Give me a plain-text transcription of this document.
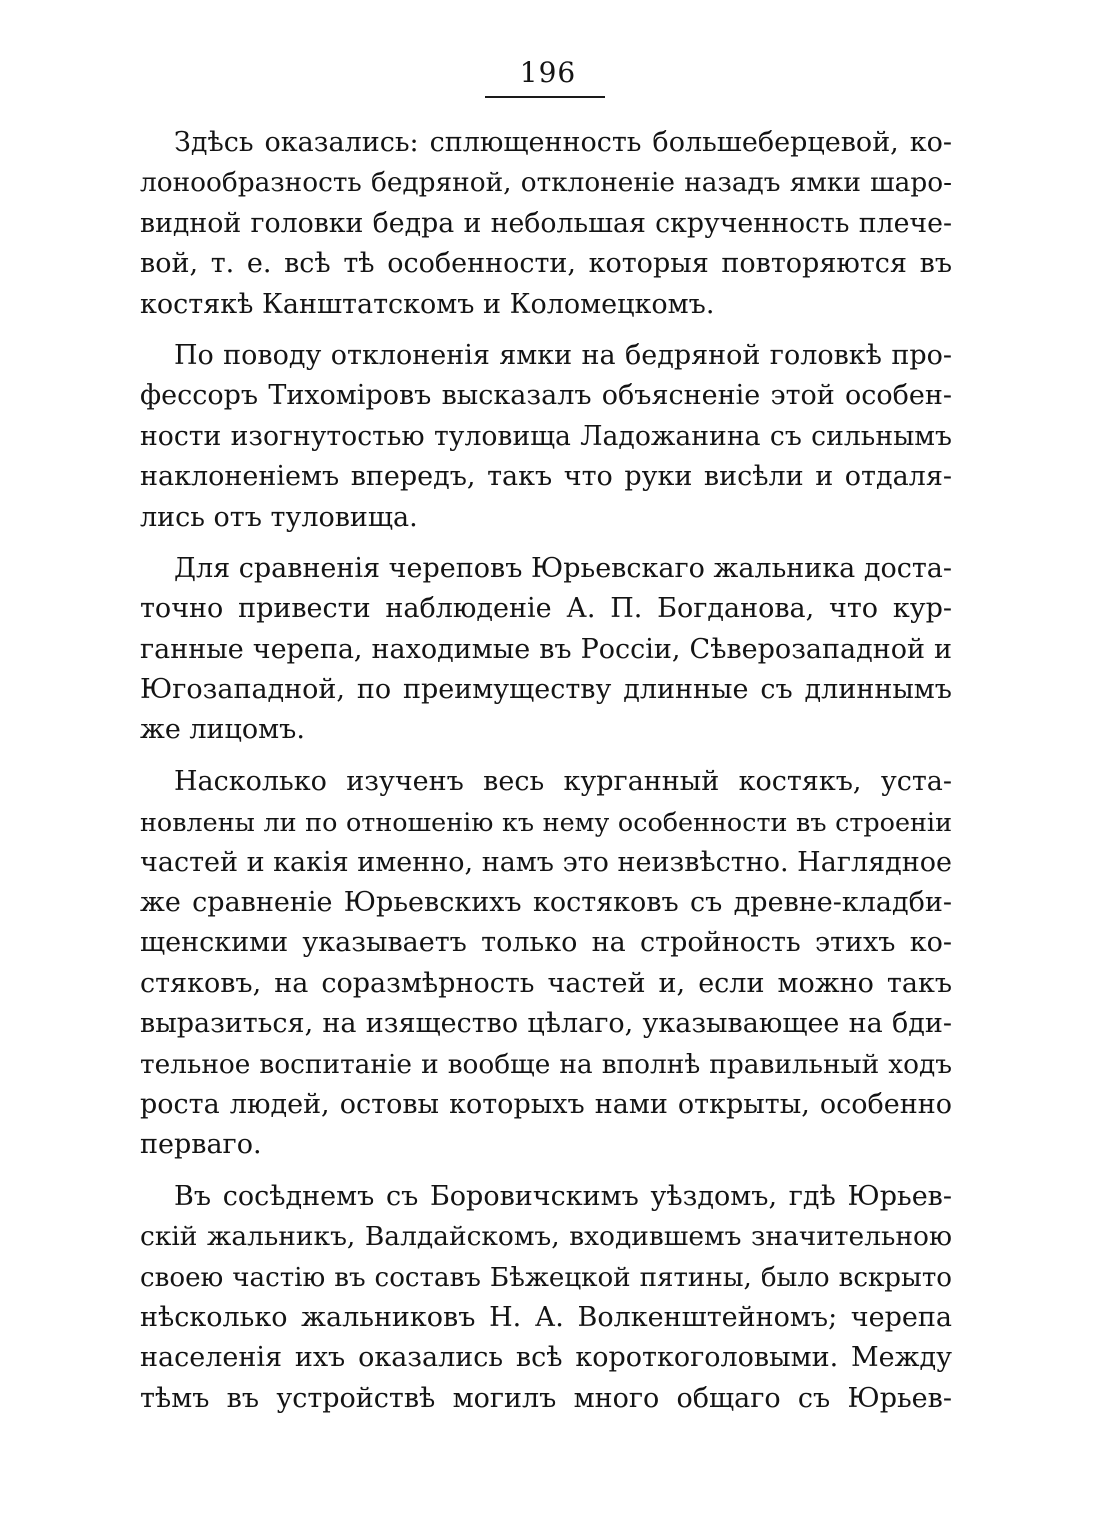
196
Здѣсь оказались: сплющенность большеберцевой, ко-
лонообразность бедряной, отклоненіе назадъ ямки шаро-
видной головки бедра и небольшая скрученность плече-
вой, т. е. всѣ тѣ особенности, которыя повторяются въ
костякѣ Канштатскомъ и Коломецкомъ.
По поводу отклоненія ямки на бедряной головкѣ про-
фессоръ Тихоміровъ высказалъ объясненіе этой особен-
ности изогнутостью туловища Ладожанина съ сильнымъ
наклоненіемъ впередъ, такъ что руки висѣли и отдаля-
лись отъ туловища.
Для сравненія череповъ Юрьевскаго жальника доста-
точно привести наблюденіе А. П. Богданова, что кур-
ганные черепа, находимые въ Россіи, Сѣверозападной и
Югозападной, по преимуществу длинные съ длиннымъ
же лицомъ.
Насколько изученъ весь курганный костякъ, уста-
новлены ли по отношенію къ нему особенности въ строеніи
частей и какія именно, намъ это неизвѣстно. Наглядное
же сравненіе Юрьевскихъ костяковъ съ древне-кладби-
щенскими указываетъ только на стройность этихъ ко-
стяковъ, на соразмѣрность частей и, если можно такъ
выразиться, на изящество цѣлаго, указывающее на бди-
тельное воспитаніе и вообще на вполнѣ правильный ходъ
роста людей, остовы которыхъ нами открыты, особенно
перваго.
Въ сосѣднемъ съ Боровичскимъ уѣздомъ, гдѣ Юрьев-
скій жальникъ, Валдайскомъ, входившемъ значительною
своею частію въ составъ Бѣжецкой пятины, было вскрыто
нѣсколько жальниковъ Н. А. Волкенштейномъ; черепа
населенія ихъ оказались всѣ короткоголовыми. Между
тѣмъ въ устройствѣ могилъ много общаго съ Юрьев-
